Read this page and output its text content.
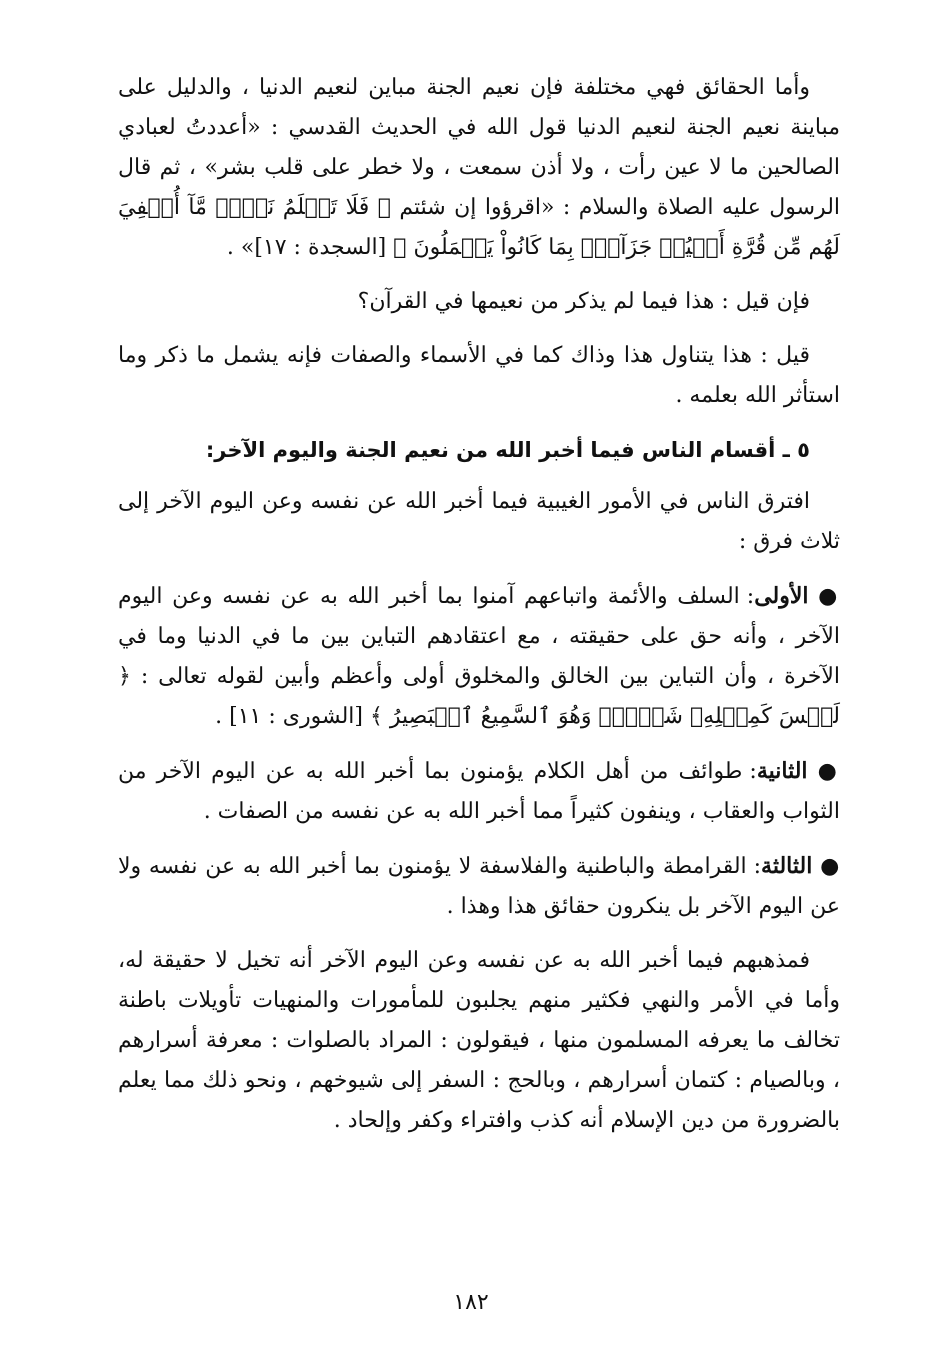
وأما الحقائق فهي مختلفة فإن نعيم الجنة مباين لنعيم الدنيا ، والدليل على مباينة نعيم الجنة لنعيم الدنيا قول الله في الحديث القدسي : «أعددتُ لعبادي الصالحين ما لا عين رأت ، ولا أذن سمعت ، ولا خطر على قلب بشر» ، ثم قال الرسول عليه الصلاة والسلام : «اقرؤوا إن شئتم ﴿ فَلَا تَعۡلَمُ نَفۡسٞ مَّآ أُخۡفِيَ لَهُم مِّن قُرَّةِ أَعۡيُنٖ جَزَآءَۢ بِمَا كَانُواْ يَعۡمَلُونَ ﴾ [السجدة : ١٧]» .

فإن قيل : هذا فيما لم يذكر من نعيمها في القرآن؟

قيل : هذا يتناول هذا وذاك كما في الأسماء والصفات فإنه يشمل ما ذكر وما استأثر الله بعلمه .

٥ ـ أقسام الناس فيما أخبر الله من نعيم الجنة واليوم الآخر:

افترق الناس في الأمور الغيبية فيما أخبر الله عن نفسه وعن اليوم الآخر إلى ثلاث فرق :

● الأولى: السلف والأئمة واتباعهم آمنوا بما أخبر الله به عن نفسه وعن اليوم الآخر ، وأنه حق على حقيقته ، مع اعتقادهم التباين بين ما في الدنيا وما في الآخرة ، وأن التباين بين الخالق والمخلوق أولى وأعظم وأبين لقوله تعالى : ﴿ لَيۡسَ كَمِثۡلِهِۦ شَيۡءٞۖ وَهُوَ ٱلسَّمِيعُ ٱلۡبَصِيرُ ﴾ [الشورى : ١١] .

● الثانية: طوائف من أهل الكلام يؤمنون بما أخبر الله به عن اليوم الآخر من الثواب والعقاب ، وينفون كثيراً مما أخبر الله به عن نفسه من الصفات .

● الثالثة: القرامطة والباطنية والفلاسفة لا يؤمنون بما أخبر الله به عن نفسه ولا عن اليوم الآخر بل ينكرون حقائق هذا وهذا .

فمذهبهم فيما أخبر الله به عن نفسه وعن اليوم الآخر أنه تخيل لا حقيقة له، وأما في الأمر والنهي فكثير منهم يجلبون للمأمورات والمنهيات تأويلات باطنة تخالف ما يعرفه المسلمون منها ، فيقولون : المراد بالصلوات : معرفة أسرارهم ، وبالصيام : كتمان أسرارهم ، وبالحج : السفر إلى شيوخهم ، ونحو ذلك مما يعلم بالضرورة من دين الإسلام أنه كذب وافتراء وكفر وإلحاد .

١٨٢
